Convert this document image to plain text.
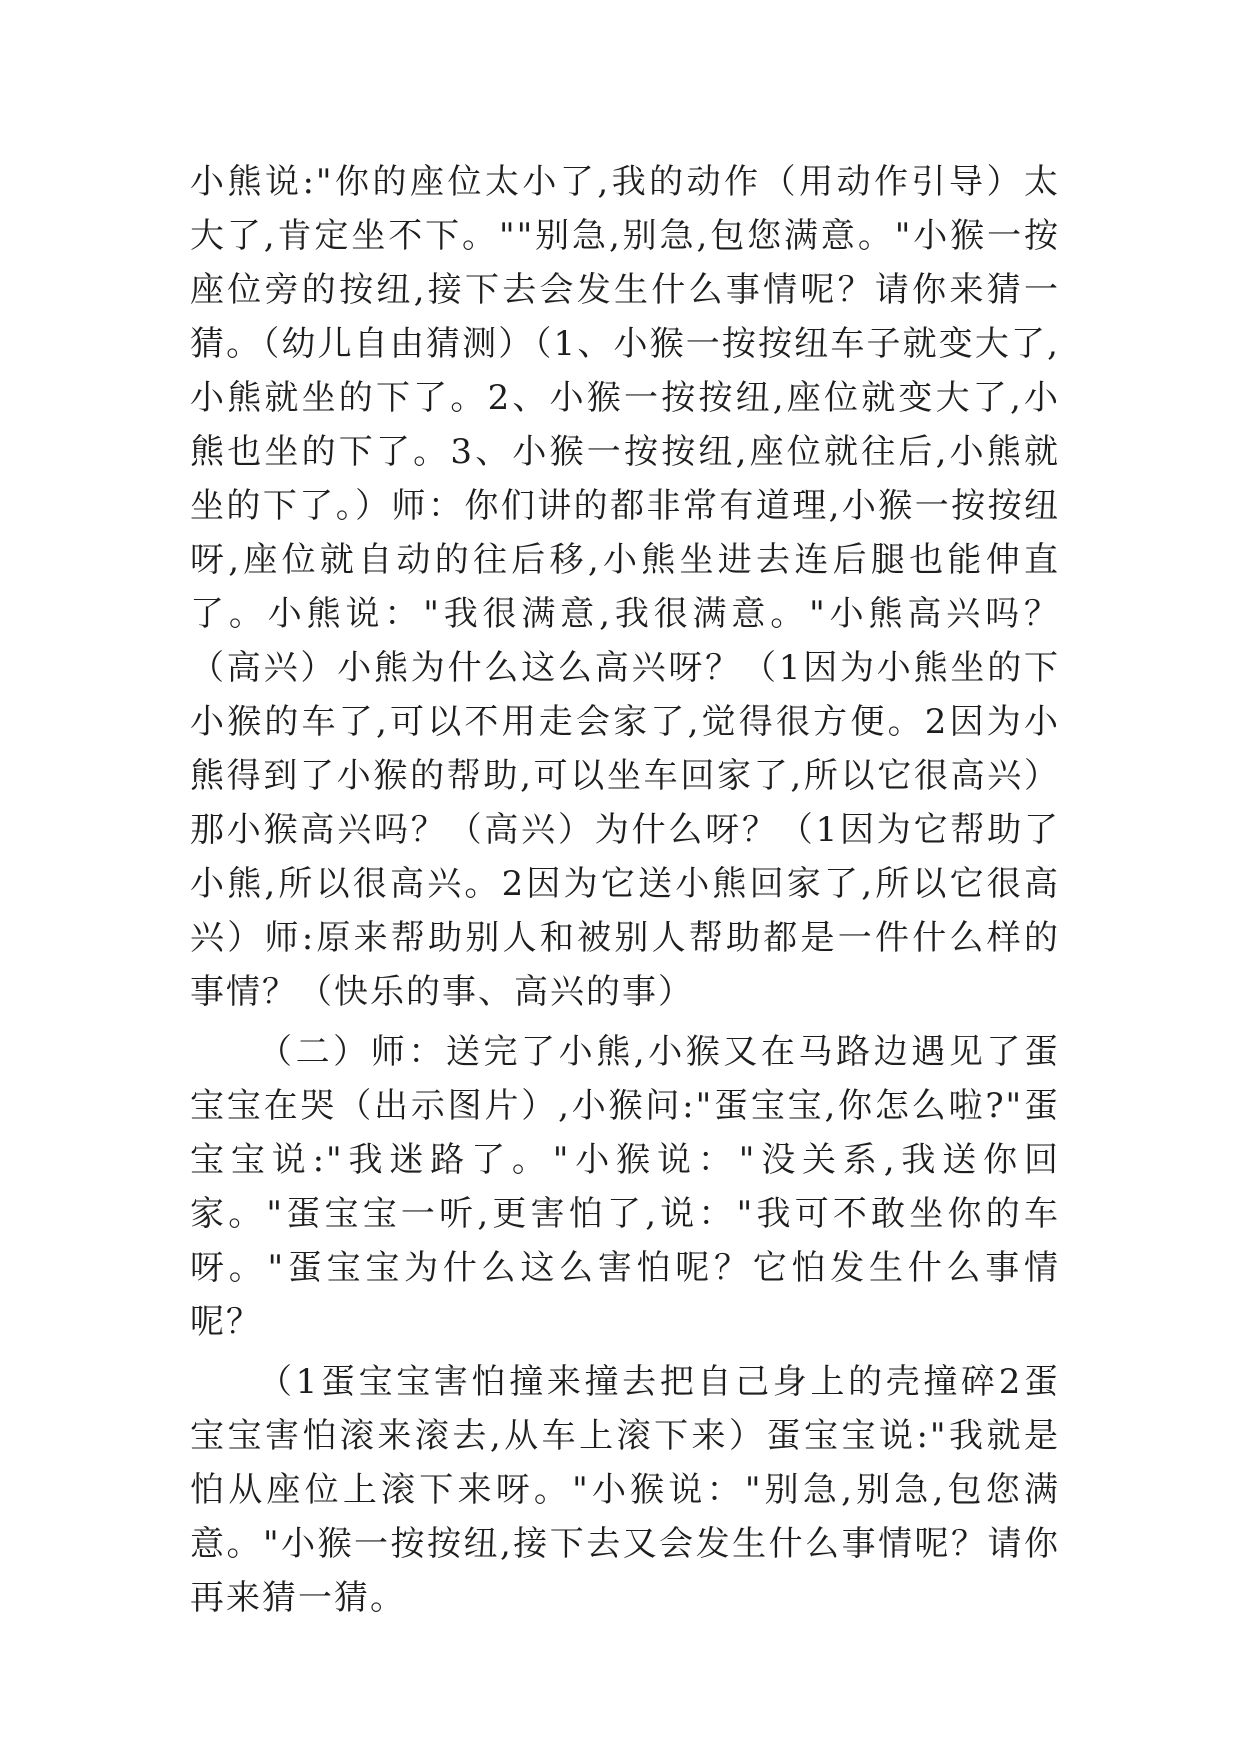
小熊说:"你的座位太小了,我的动作（用动作引导）太大了,肯定坐不下。""别急,别急,包您满意。"小猴一按座位旁的按纽,接下去会发生什么事情呢？请你来猜一猜。（幼儿自由猜测）（1、小猴一按按纽车子就变大了,小熊就坐的下了。2、小猴一按按纽,座位就变大了,小熊也坐的下了。3、小猴一按按纽,座位就往后,小熊就坐的下了。）师：你们讲的都非常有道理,小猴一按按纽呀,座位就自动的往后移,小熊坐进去连后腿也能伸直了。小熊说："我很满意,我很满意。"小熊高兴吗？（高兴）小熊为什么这么高兴呀？（1因为小熊坐的下小猴的车了,可以不用走会家了,觉得很方便。2因为小熊得到了小猴的帮助,可以坐车回家了,所以它很高兴）那小猴高兴吗？（高兴）为什么呀？（1因为它帮助了小熊,所以很高兴。2因为它送小熊回家了,所以它很高兴）师:原来帮助别人和被别人帮助都是一件什么样的事情？（快乐的事、高兴的事）

（二）师：送完了小熊,小猴又在马路边遇见了蛋宝宝在哭（出示图片）,小猴问:"蛋宝宝,你怎么啦?"蛋宝宝说:"我迷路了。"小猴说："没关系,我送你回家。"蛋宝宝一听,更害怕了,说："我可不敢坐你的车呀。"蛋宝宝为什么这么害怕呢？它怕发生什么事情呢？

（1蛋宝宝害怕撞来撞去把自己身上的壳撞碎2蛋宝宝害怕滚来滚去,从车上滚下来）蛋宝宝说:"我就是怕从座位上滚下来呀。"小猴说："别急,别急,包您满意。"小猴一按按纽,接下去又会发生什么事情呢？请你再来猜一猜。
